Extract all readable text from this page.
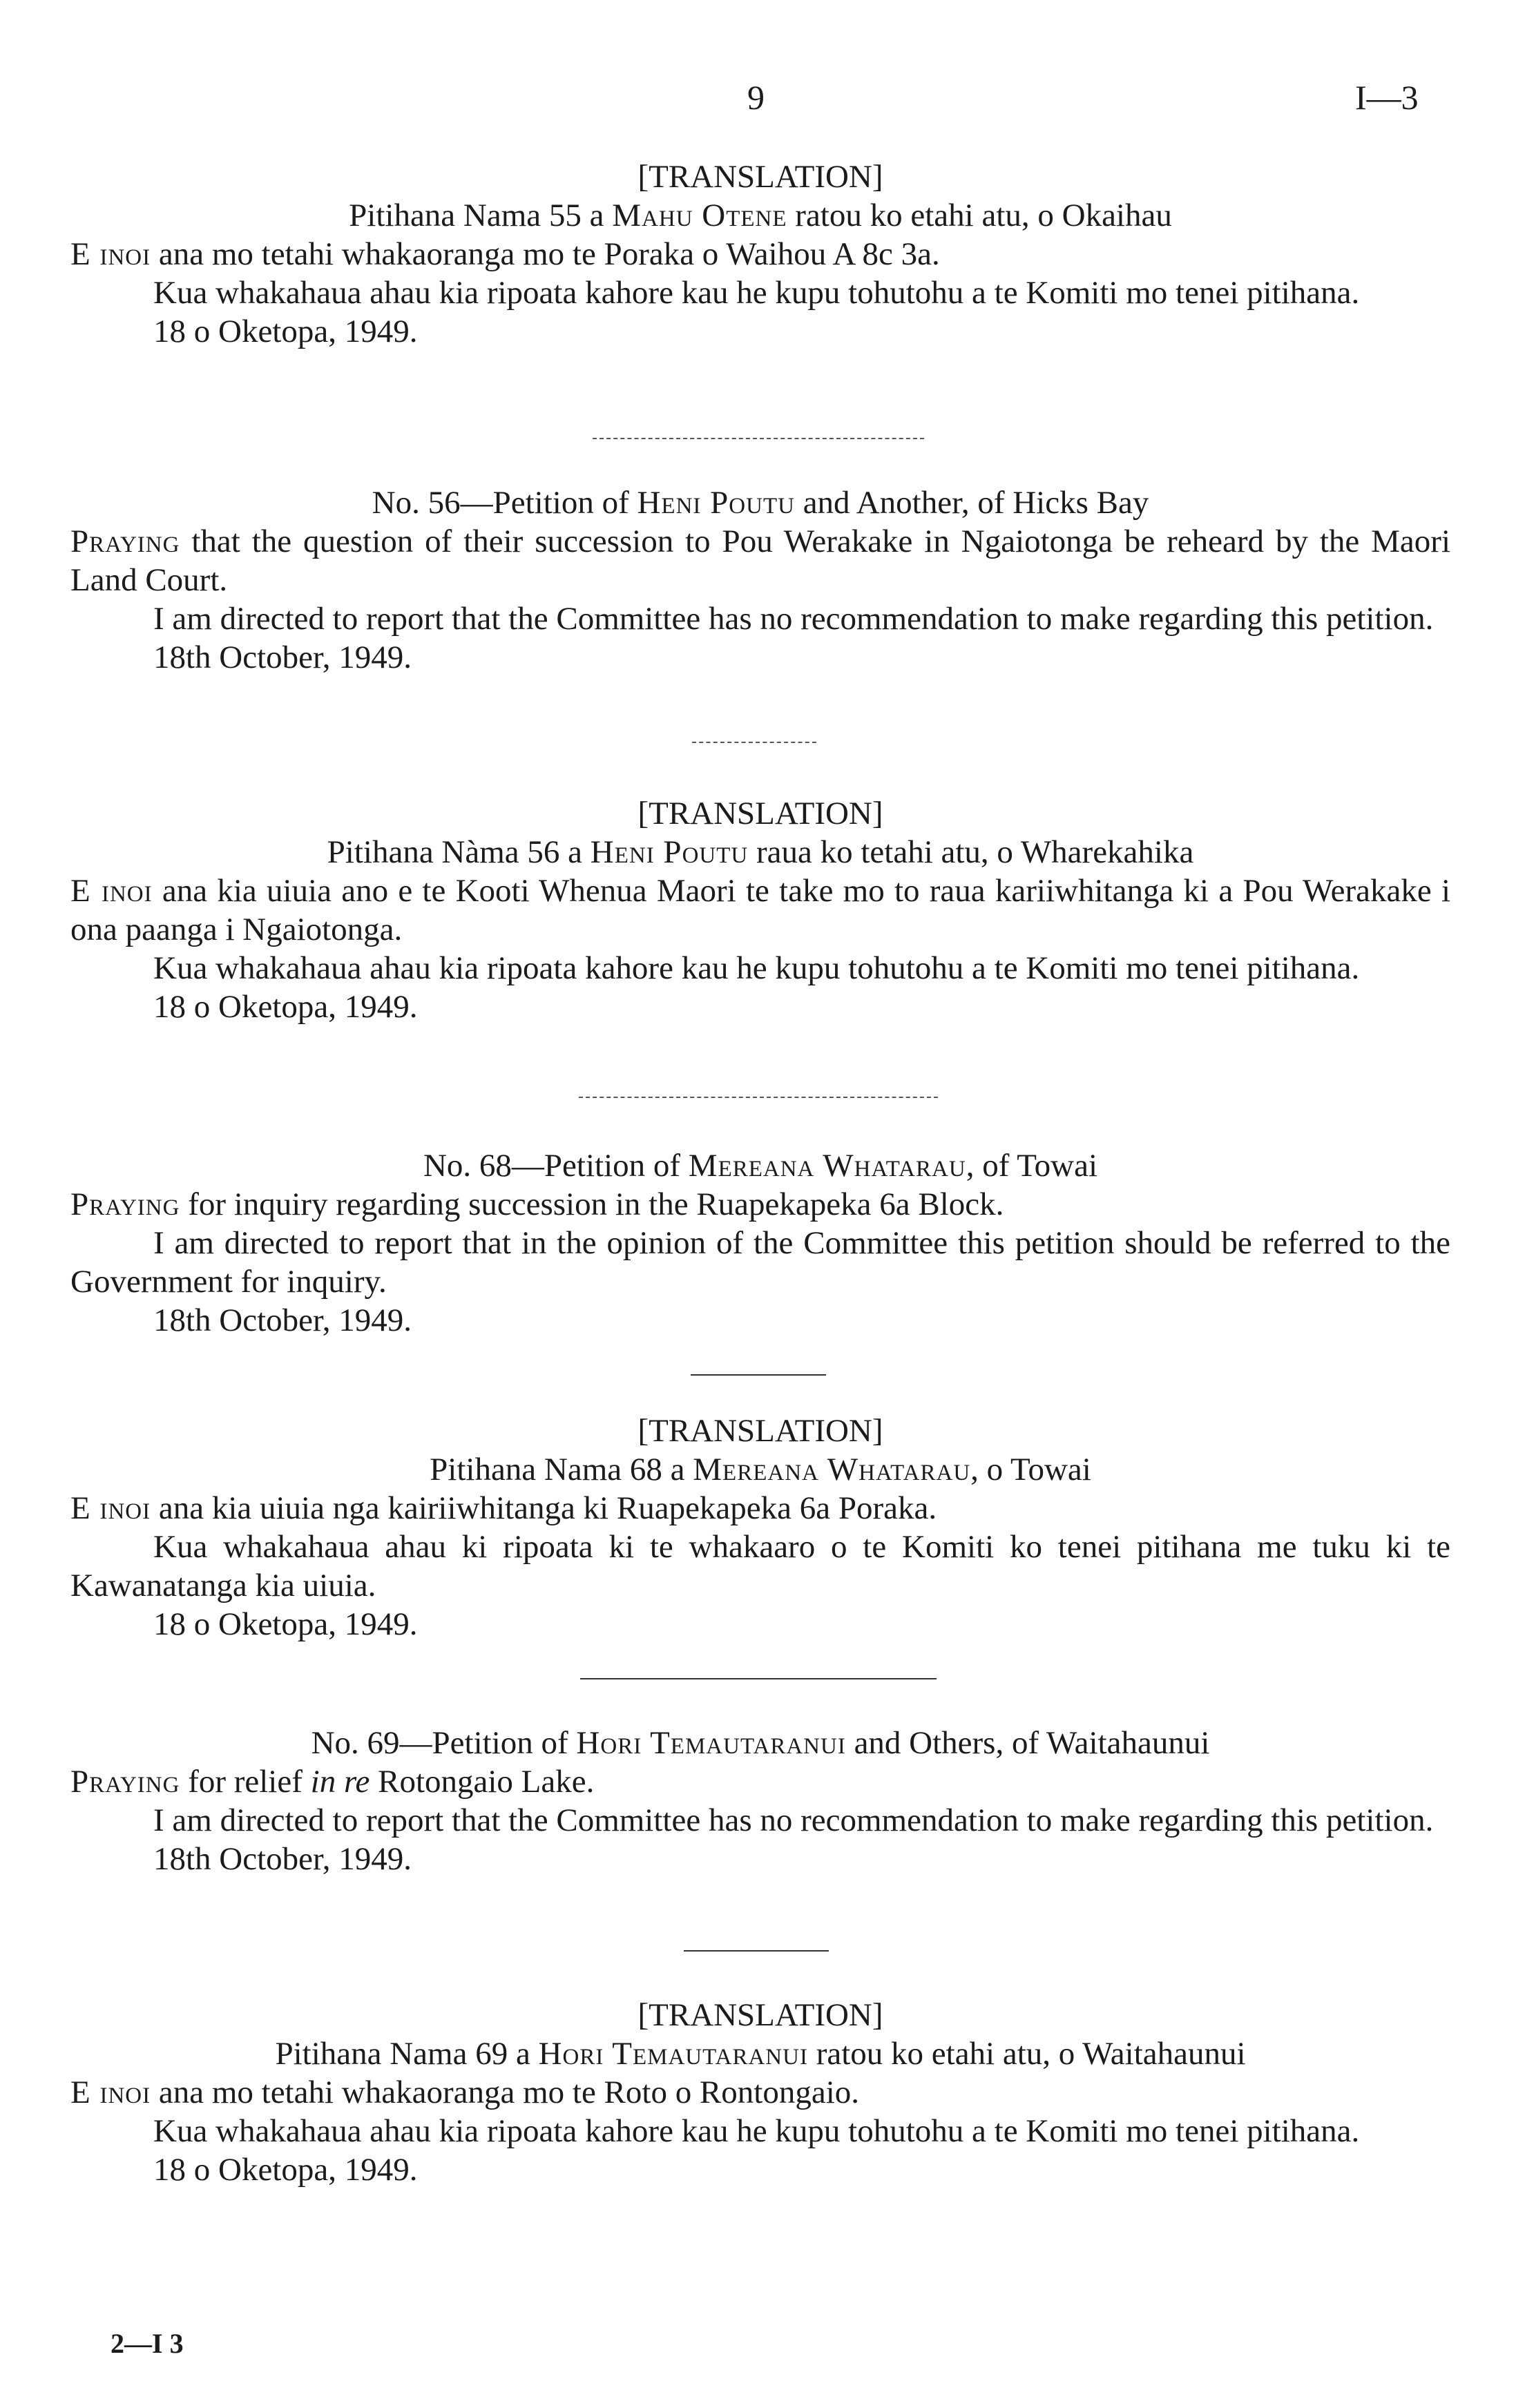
9	I—3

[TRANSLATION]

Pitihana Nama 55 a Mahu Otene ratou ko etahi atu, o Okaihau

E inoi ana mo tetahi whakaoranga mo te Poraka o Waihou A 8c 3a.

Kua whakahaua ahau kia ripoata kahore kau he kupu tohutohu a te Komiti mo tenei pitihana.

18 o Oketopa, 1949.

No. 56—Petition of Heni Poutu and Another, of Hicks Bay

Praying that the question of their succession to Pou Werakake in Ngaiotonga be reheard by the Maori Land Court.

I am directed to report that the Committee has no recommendation to make regarding this petition.

18th October, 1949.

[TRANSLATION]

Pitihana Nàma 56 a Heni Poutu raua ko tetahi atu, o Wharekahika

E inoi ana kia uiuia ano e te Kooti Whenua Maori te take mo to raua kariiwhitanga ki a Pou Werakake i ona paanga i Ngaiotonga.

Kua whakahaua ahau kia ripoata kahore kau he kupu tohutohu a te Komiti mo tenei pitihana.

18 o Oketopa, 1949.

No. 68—Petition of Mereana Whatarau, of Towai

Praying for inquiry regarding succession in the Ruapekapeka 6a Block.

I am directed to report that in the opinion of the Committee this petition should be referred to the Government for inquiry.

18th October, 1949.

[TRANSLATION]

Pitihana Nama 68 a Mereana Whatarau, o Towai

E inoi ana kia uiuia nga kairiiwhitanga ki Ruapekapeka 6a Poraka.

Kua whakahaua ahau ki ripoata ki te whakaaro o te Komiti ko tenei pitihana me tuku ki te Kawanatanga kia uiuia.

18 o Oketopa, 1949.

No. 69—Petition of Hori Temautaranui and Others, of Waitahaunui

Praying for relief in re Rotongaio Lake.

I am directed to report that the Committee has no recommendation to make regarding this petition.

18th October, 1949.

[TRANSLATION]

Pitihana Nama 69 a Hori Temautaranui ratou ko etahi atu, o Waitahaunui

E inoi ana mo tetahi whakaoranga mo te Roto o Rontongaio.

Kua whakahaua ahau kia ripoata kahore kau he kupu tohutohu a te Komiti mo tenei pitihana.

18 o Oketopa, 1949.

2—I 3
